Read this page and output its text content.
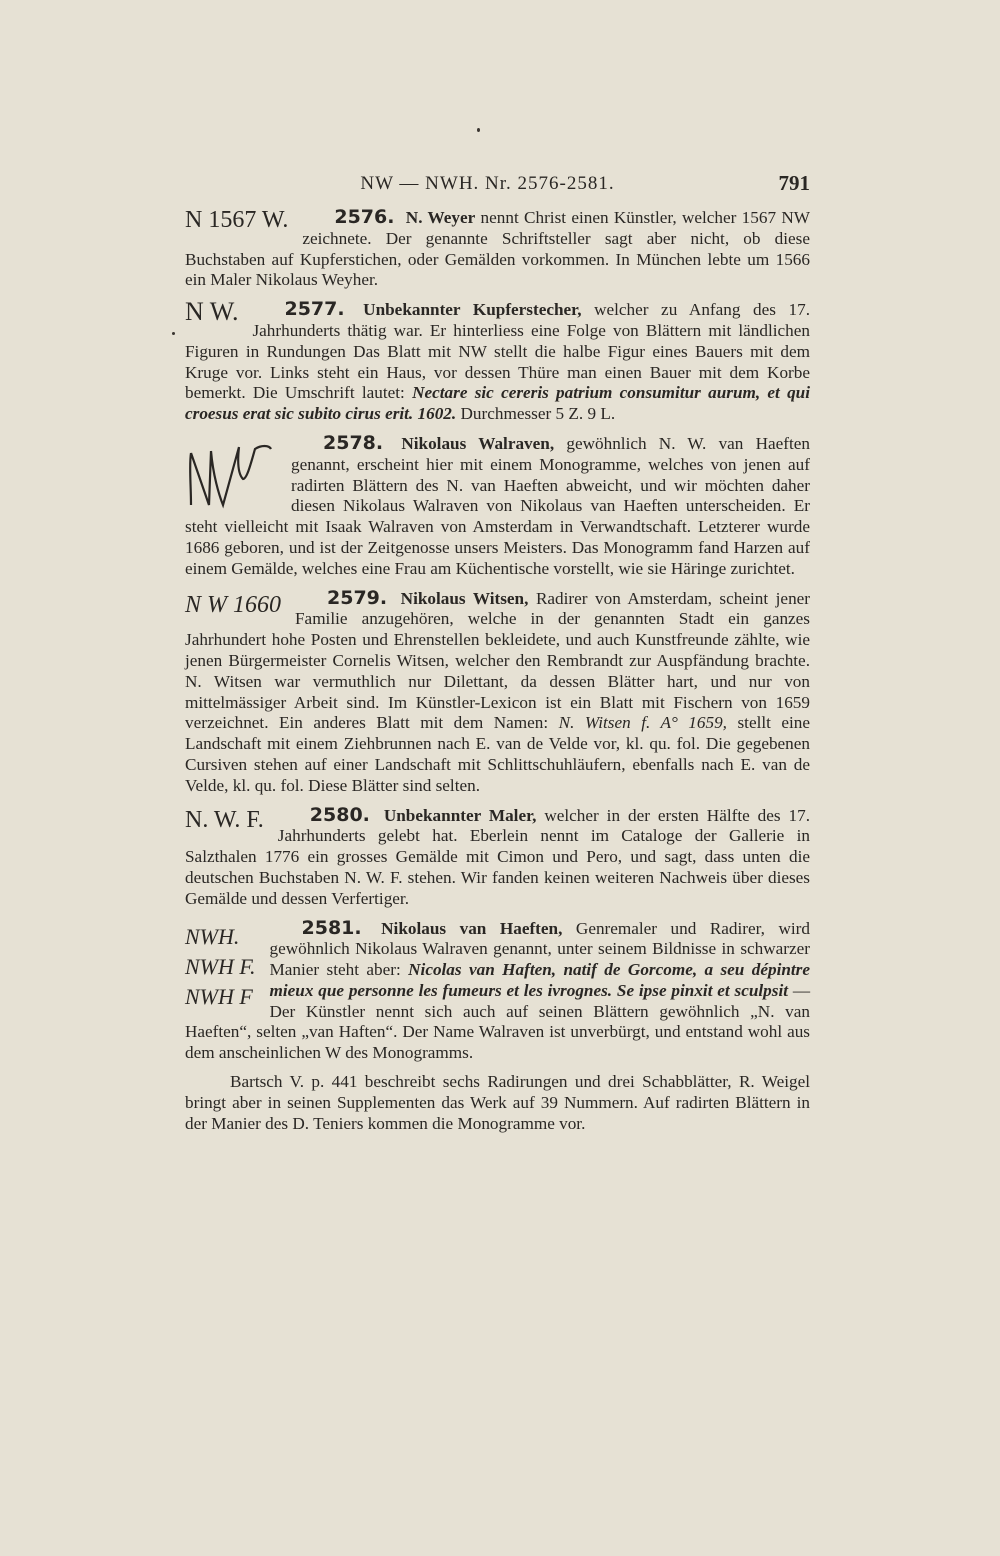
NW — NWH. Nr. 2576-2581.	791

2576. N. Weyer
N 1567 W.	nennt Christ einen Künstler, welcher 1567 NW zeichnete. Der genannte Schriftsteller sagt aber nicht, ob diese Buchstaben auf Kupferstichen, oder Gemälden vorkommen. In München lebte um 1566 ein Maler Nikolaus Weyher.

2577. Unbekannter Kupferstecher,
N W.	welcher zu Anfang des 17. Jahrhunderts thätig war. Er hinterliess eine Folge von Blättern mit ländlichen Figuren in Rundungen Das Blatt mit NW stellt die halbe Figur eines Bauers mit dem Kruge vor. Links steht ein Haus, vor dessen Thüre man einen Bauer mit dem Korbe bemerkt. Die Umschrift lautet: Nectare sic cereris patrium consumitur aurum, et qui croesus erat sic subito cirus erit. 1602. Durchmesser 5 Z. 9 L.

2578. Nikolaus Walraven, gewöhnlich N. W. van Haeften genannt, erscheint hier mit einem Monogramme, welches von jenen auf radirten Blättern des N. van Haeften abweicht, und wir möchten daher diesen Nikolaus Walraven von Nikolaus van Haeften unterscheiden. Er steht vielleicht mit Isaak Walraven von Amsterdam in Verwandtschaft. Letzterer wurde 1686 geboren, und ist der Zeitgenosse unsers Meisters. Das Monogramm fand Harzen auf einem Gemälde, welches eine Frau am Küchentische vorstellt, wie sie Häringe zurichtet.

2579. Nikolaus Witsen,
N W 1660	Radirer von Amsterdam, scheint jener Familie anzugehören, welche in der genannten Stadt ein ganzes Jahrhundert hohe Posten und Ehrenstellen bekleidete, und auch Kunstfreunde zählte, wie jenen Bürgermeister Cornelis Witsen, welcher den Rembrandt zur Auspfändung brachte. N. Witsen war vermuthlich nur Dilettant, da dessen Blätter hart, und nur von mittelmässiger Arbeit sind. Im Künstler-Lexicon ist ein Blatt mit Fischern von 1659 verzeichnet. Ein anderes Blatt mit dem Namen: N. Witsen f. A° 1659, stellt eine Landschaft mit einem Ziehbrunnen nach E. van de Velde vor, kl. qu. fol. Die gegebenen Cursiven stehen auf einer Landschaft mit Schlittschuhläufern, ebenfalls nach E. van de Velde, kl. qu. fol. Diese Blätter sind selten.

2580. Unbekannter Maler,
N. W. F.	welcher in der ersten Hälfte des 17. Jahrhunderts gelebt hat. Eberlein nennt im Cataloge der Gallerie in Salzthalen 1776 ein grosses Gemälde mit Cimon und Pero, und sagt, dass unten die deutschen Buchstaben N. W. F. stehen. Wir fanden keinen weiteren Nachweis über dieses Gemälde und dessen Verfertiger.

2581. Nikolaus van Haeften,
NWH.
NWH F.
NWH F
Genremaler und Radirer, wird gewöhnlich Nikolaus Walraven genannt, unter seinem Bildnisse in schwarzer Manier steht aber: Nicolas van Haften, natif de Gorcome, a seu dépintre mieux que personne les fumeurs et les ivrognes. Se ipse pinxit et sculpsit — Der Künstler nennt sich auch auf seinen Blättern gewöhnlich „N. van Haeften“, selten „van Haften“. Der Name Walraven ist unverbürgt, und entstand wohl aus dem anscheinlichen W des Monogramms.

Bartsch V. p. 441 beschreibt sechs Radirungen und drei Schabblätter, R. Weigel bringt aber in seinen Supplementen das Werk auf 39 Nummern. Auf radirten Blättern in der Manier des D. Teniers kommen die Monogramme vor.
